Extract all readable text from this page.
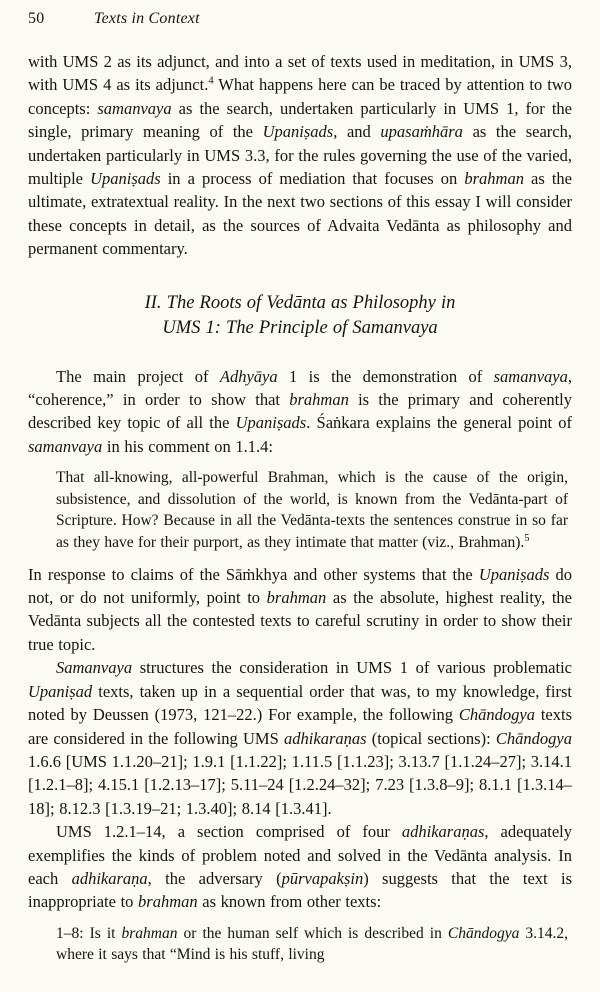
50	Texts in Context

with UMS 2 as its adjunct, and into a set of texts used in meditation, in UMS 3, with UMS 4 as its adjunct.$^4$ What happens here can be traced by attention to two concepts: samanvaya as the search, undertaken particularly in UMS 1, for the single, primary meaning of the Upaniṣads, and upasaṁhāra as the search, undertaken particularly in UMS 3.3, for the rules governing the use of the varied, multiple Upaniṣads in a process of mediation that focuses on brahman as the ultimate, extratextual reality. In the next two sections of this essay I will consider these concepts in detail, as the sources of Advaita Vedānta as philosophy and permanent commentary.

II. The Roots of Vedānta as Philosophy in
UMS 1: The Principle of Samanvaya

The main project of Adhyāya 1 is the demonstration of samanvaya, “coherence,” in order to show that brahman is the primary and coherently described key topic of all the Upaniṣads. Śaṅkara explains the general point of samanvaya in his comment on 1.1.4:

That all-knowing, all-powerful Brahman, which is the cause of the origin, subsistence, and dissolution of the world, is known from the Vedānta-part of Scripture. How? Because in all the Vedānta-texts the sentences construe in so far as they have for their purport, as they intimate that matter (viz., Brahman).$^5$

In response to claims of the Sāṁkhya and other systems that the Upaniṣads do not, or do not uniformly, point to brahman as the absolute, highest reality, the Vedānta subjects all the contested texts to careful scrutiny in order to show their true topic.

Samanvaya structures the consideration in UMS 1 of various problematic Upaniṣad texts, taken up in a sequential order that was, to my knowledge, first noted by Deussen (1973, 121–22.) For example, the following Chāndogya texts are considered in the following UMS adhikaraṇas (topical sections): Chāndogya 1.6.6 [UMS 1.1.20–21]; 1.9.1 [1.1.22]; 1.11.5 [1.1.23]; 3.13.7 [1.1.24–27]; 3.14.1 [1.2.1–8]; 4.15.1 [1.2.13–17]; 5.11–24 [1.2.24–32]; 7.23 [1.3.8–9]; 8.1.1 [1.3.14–18]; 8.12.3 [1.3.19–21; 1.3.40]; 8.14 [1.3.41].

UMS 1.2.1–14, a section comprised of four adhikaraṇas, adequately exemplifies the kinds of problem noted and solved in the Vedānta analysis. In each adhikaraṇa, the adversary (pūrvapakṣin) suggests that the text is inappropriate to brahman as known from other texts:

1–8: Is it brahman or the human self which is described in Chāndogya 3.14.2, where it says that “Mind is his stuff, living
